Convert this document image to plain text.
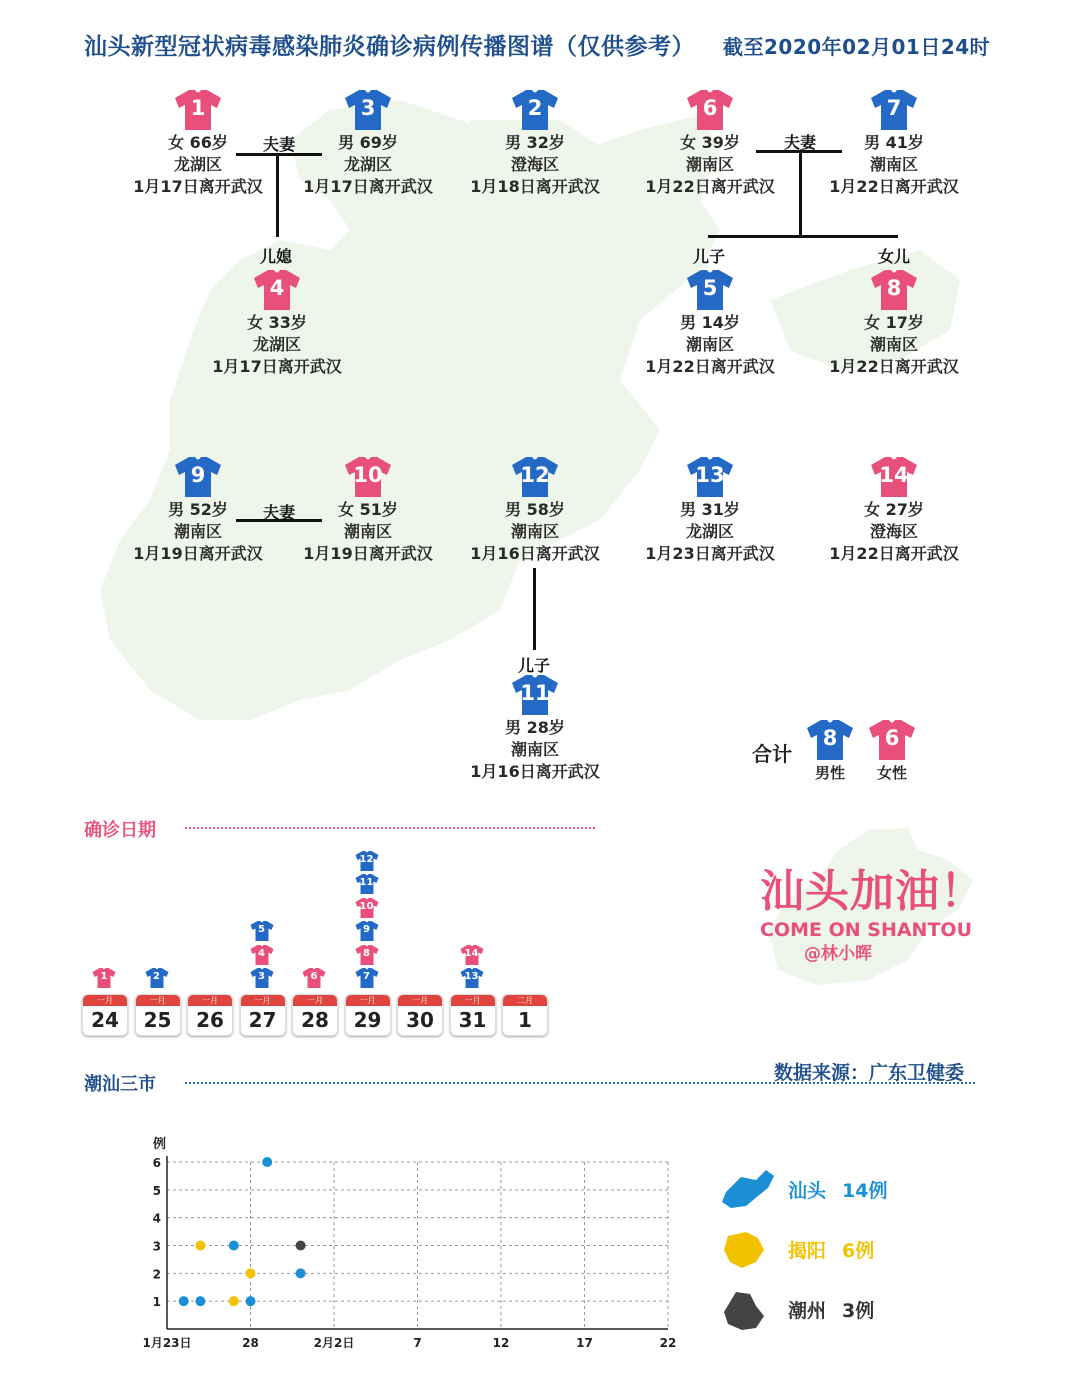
汕头新型冠状病毒感染肺炎确诊病例传播图谱（仅供参考） 截至2020年02月01日24时
1
女 66岁
龙湖区
1月17日离开武汉
3
男 69岁
龙湖区
1月17日离开武汉
2
男 32岁
澄海区
1月18日离开武汉
6
女 39岁
潮南区
1月22日离开武汉
7
男 41岁
潮南区
1月22日离开武汉
4
女 33岁
龙湖区
1月17日离开武汉
5
男 14岁
潮南区
1月22日离开武汉
8
女 17岁
潮南区
1月22日离开武汉
9
男 52岁
潮南区
1月19日离开武汉
10
女 51岁
潮南区
1月19日离开武汉
12
男 58岁
潮南区
1月16日离开武汉
13
男 31岁
龙湖区
1月23日离开武汉
14
女 27岁
澄海区
1月22日离开武汉
11
男 28岁
潮南区
1月16日离开武汉
夫妻
儿媳
夫妻
儿子	女儿
夫妻
儿子
合计
8
男性
6
女性
确诊日期
一月
24
1
一月
25
2
一月
26
一月
27
3
4
5
一月
28
6
一月
29
7
8
9
10
11
12
一月
30
一月
31
13
14
二月
1
汕头加油！
COME ON SHANTOU
@林小晖
数据来源：广东卫健委
潮汕三市
1
2
3
4
5
6
1月23日	28	2月2日	7	12	17	22
例
汕头 14例
揭阳 6例
潮州 3例
